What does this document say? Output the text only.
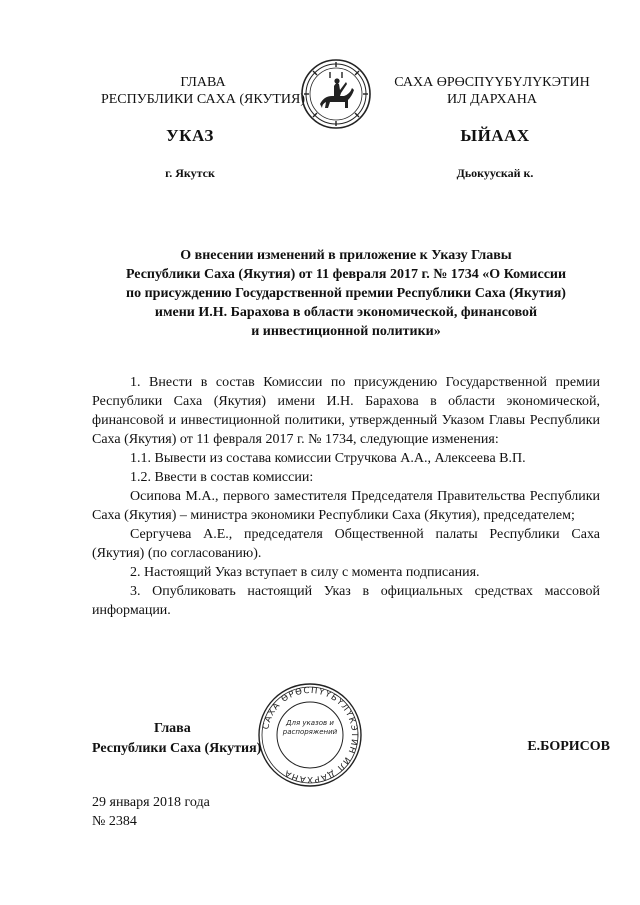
ГЛАВА
РЕСПУБЛИКИ САХА (ЯКУТИЯ)
САХА ӨРӨСПҮҮБҮЛҮКЭТИН
ИЛ ДАРХАНА
УКАЗ	ЫЙААХ
г. Якутск	Дьокуускай к.
О внесении изменений в приложение к Указу Главы
Республики Саха (Якутия) от 11 февраля 2017 г. № 1734 «О Комиссии
по присуждению Государственной премии Республики Саха (Якутия)
имени И.Н. Барахова в области экономической, финансовой
и инвестиционной политики»

1. Внести в состав Комиссии по присуждению Государственной премии Республики Саха (Якутия) имени И.Н. Барахова в области экономической, финансовой и инвестиционной политики, утвержденный Указом Главы Республики Саха (Якутия) от 11 февраля 2017 г. № 1734, следующие изменения:

1.1. Вывести из состава комиссии Стручкова А.А., Алексеева В.П.

1.2. Ввести в состав комиссии:

Осипова М.А., первого заместителя Председателя Правительства Республики Саха (Якутия) – министра экономики Республики Саха (Якутия), председателем;

Сергучева А.Е., председателя Общественной палаты Республики Саха (Якутия) (по согласованию).

2. Настоящий Указ вступает в силу с момента подписания.

3. Опубликовать настоящий Указ в официальных средствах массовой информации.

САХА ӨРӨСПҮҮБҮЛҮКЭТИН ИЛ ДАРХАНА
Для указов и распоряжений
Глава
Республики Саха (Якутия)	Е.БОРИСОВ
29 января 2018 года
№ 2384
